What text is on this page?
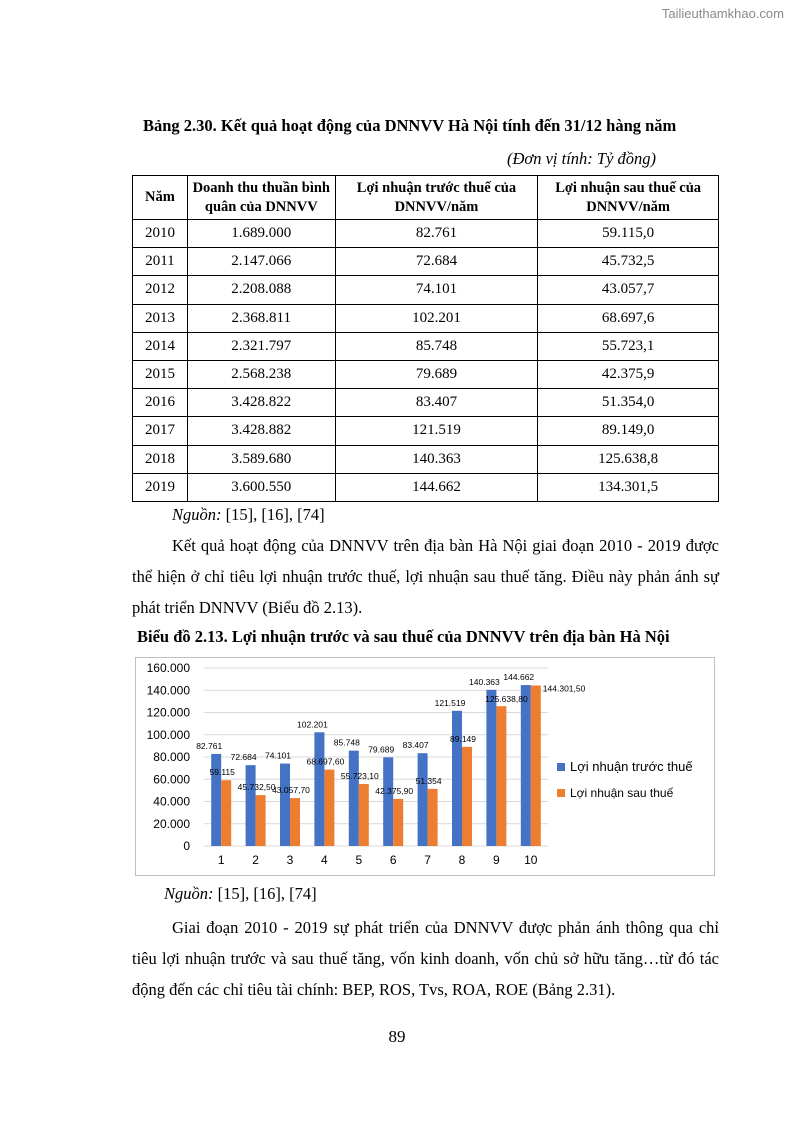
Tailieuthamkhao.com
Bảng 2.30. Kết quả hoạt động của DNNVV Hà Nội tính đến 31/12 hàng năm
(Đơn vị tính: Tỷ đồng)
Năm	Doanh thu thuần bình quân của DNNVV	Lợi nhuận trước thuế của DNNVV/năm	Lợi nhuận sau thuế của DNNVV/năm
2010	1.689.000	82.761	59.115,0
2011	2.147.066	72.684	45.732,5
2012	2.208.088	74.101	43.057,7
2013	2.368.811	102.201	68.697,6
2014	2.321.797	85.748	55.723,1
2015	2.568.238	79.689	42.375,9
2016	3.428.822	83.407	51.354,0
2017	3.428.882	121.519	89.149,0
2018	3.589.680	140.363	125.638,8
2019	3.600.550	144.662	134.301,5
Nguồn: [15], [16], [74]
Kết quả hoạt động của DNNVV trên địa bàn Hà Nội giai đoạn 2010 - 2019 được thể hiện ở chỉ tiêu lợi nhuận trước thuế, lợi nhuận sau thuế tăng. Điều này phản ánh sự phát triển DNNVV (Biểu đồ 2.13).
Biểu đồ 2.13. Lợi nhuận trước và sau thuế của DNNVV trên địa bàn Hà Nội
0
20.000
40.000
60.000
80.000
100.000
120.000
140.000
160.000
1 2 3 4 5 6 7 8 9 10
82.761
72.684 74.101
102.201
85.748
79.689 83.407
121.519
140.363 144.662
59.115
45.732,50
43.057,70
68.697,60
55.723,10
42.375,90
51.354
89.149
125.638,80
144.301,50
Lợi nhuận trước thuế
Lợi nhuận sau thuế
Nguồn: [15], [16], [74]
Giai đoạn 2010 - 2019 sự phát triển của DNNVV được phản ánh thông qua chỉ tiêu lợi nhuận trước và sau thuế tăng, vốn kinh doanh, vốn chủ sở hữu tăng…từ đó tác động đến các chỉ tiêu tài chính: BEP, ROS, Tvs, ROA, ROE (Bảng 2.31).
89
